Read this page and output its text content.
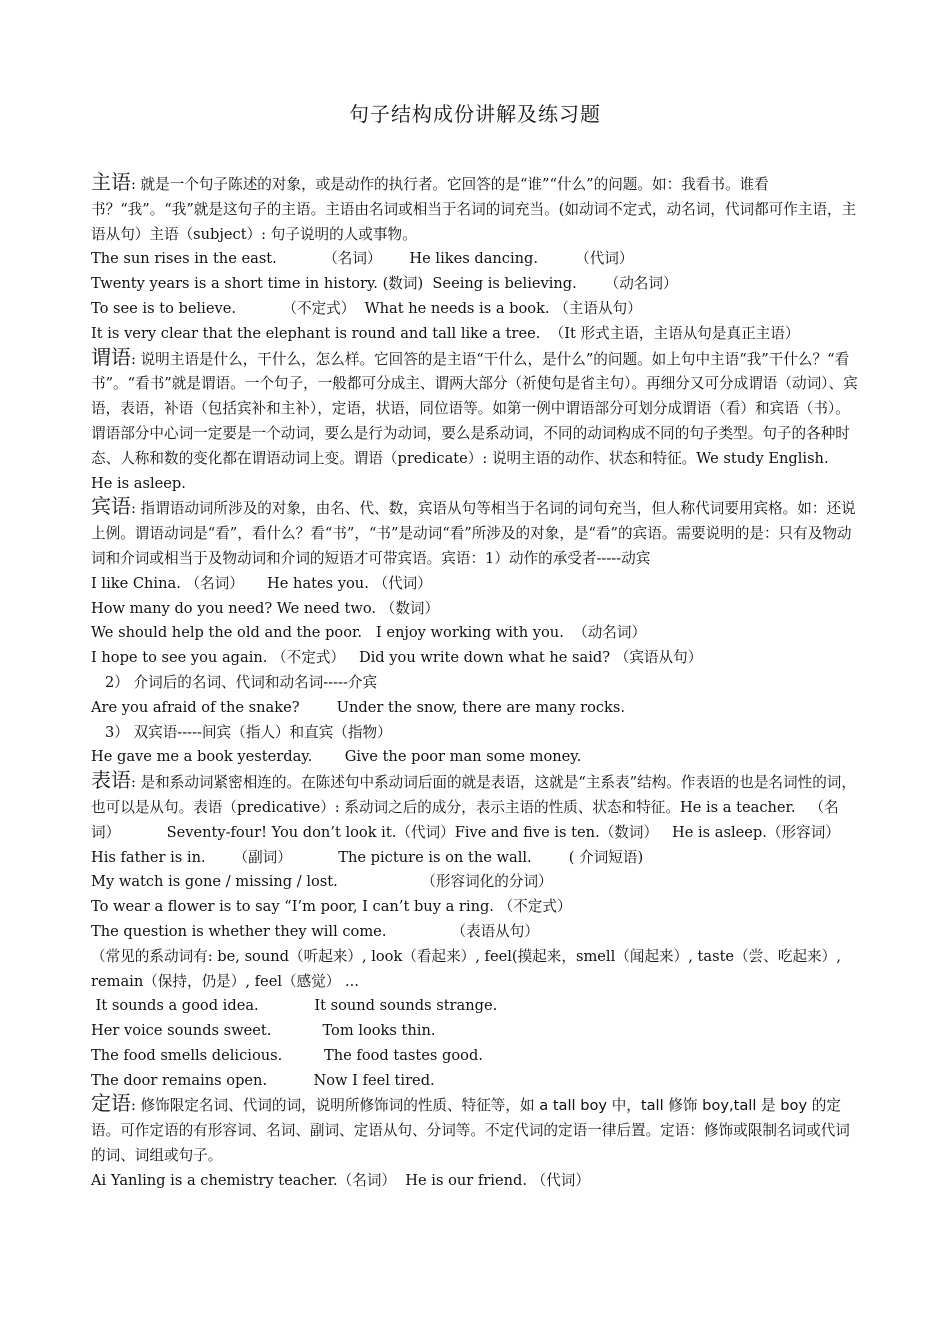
句子结构成份讲解及练习题

主语: 就是一个句子陈述的对象，或是动作的执行者。它回答的是“谁”“什么”的问题。如：我看书。谁看书？“我”。“我”就是这句子的主语。主语由名词或相当于名词的词充当。(如动词不定式，动名词，代词都可作主语，主语从句）主语（subject）: 句子说明的人或事物。

The sun rises in the east.          （名词）      He likes dancing.        （代词）

Twenty years is a short time in history. (数词)  Seeing is believing.      （动名词）

To see is to believe.          （不定式）  What he needs is a book. （主语从句）

It is very clear that the elephant is round and tall like a tree.  （It 形式主语，主语从句是真正主语）

谓语: 说明主语是什么，干什么，怎么样。它回答的是主语“干什么，是什么”的问题。如上句中主语“我”干什么？“看书”。“看书”就是谓语。一个句子，一般都可分成主、谓两大部分（祈使句是省主句）。再细分又可分成谓语（动词）、宾语，表语，补语（包括宾补和主补），定语，状语，同位语等。如第一例中谓语部分可划分成谓语（看）和宾语（书）。谓语部分中心词一定要是一个动词，要么是行为动词，要么是系动词，不同的动词构成不同的句子类型。句子的各种时态、人称和数的变化都在谓语动词上变。谓语（predicate）: 说明主语的动作、状态和特征。We study English.         He is asleep.

宾语: 指谓语动词所涉及的对象，由名、代、数，宾语从句等相当于名词的词句充当，但人称代词要用宾格。如：还说上例。谓语动词是“看”，看什么？看“书”，“书”是动词“看”所涉及的对象，是“看”的宾语。需要说明的是：只有及物动词和介词或相当于及物动词和介词的短语才可带宾语。宾语：1）动作的承受者-----动宾

I like China. （名词）     He hates you. （代词）

How many do you need? We need two. （数词）

We should help the old and the poor.   I enjoy working with you.  （动名词）

I hope to see you again. （不定式）   Did you write down what he said? （宾语从句）

2） 介词后的名词、代词和动名词-----介宾

Are you afraid of the snake?        Under the snow, there are many rocks.

3） 双宾语-----间宾（指人）和直宾（指物）

He gave me a book yesterday.       Give the poor man some money.

表语: 是和系动词紧密相连的。在陈述句中系动词后面的就是表语，这就是“主系表”结构。作表语的也是名词性的词，也可以是从句。表语（predicative）: 系动词之后的成分，表示主语的性质、状态和特征。He is a teacher.   （名词）          Seventy-four! You don’t look it.（代词）Five and five is ten.（数词）   He is asleep.（形容词）

His father is in.      （副词）          The picture is on the wall.        ( 介词短语)

My watch is gone / missing / lost.                  （形容词化的分词）

To wear a flower is to say “I’m poor, I can’t buy a ring. （不定式）

The question is whether they will come.              （表语从句）

（常见的系动词有: be, sound（听起来）, look（看起来）, feel(摸起来，smell（闻起来）, taste（尝、吃起来）, remain（保持，仍是）, feel（感觉） ...

It sounds a good idea.            It sound sounds strange.

Her voice sounds sweet.           Tom looks thin.

The food smells delicious.         The food tastes good.

The door remains open.          Now I feel tired.

定语: 修饰限定名词、代词的词，说明所修饰词的性质、特征等，如 a tall boy 中，tall 修饰 boy,tall 是 boy 的定语。可作定语的有形容词、名词、副词、定语从句、分词等。不定代词的定语一律后置。定语：修饰或限制名词或代词的词、词组或句子。

Ai Yanling is a chemistry teacher.（名词）  He is our friend. （代词）
